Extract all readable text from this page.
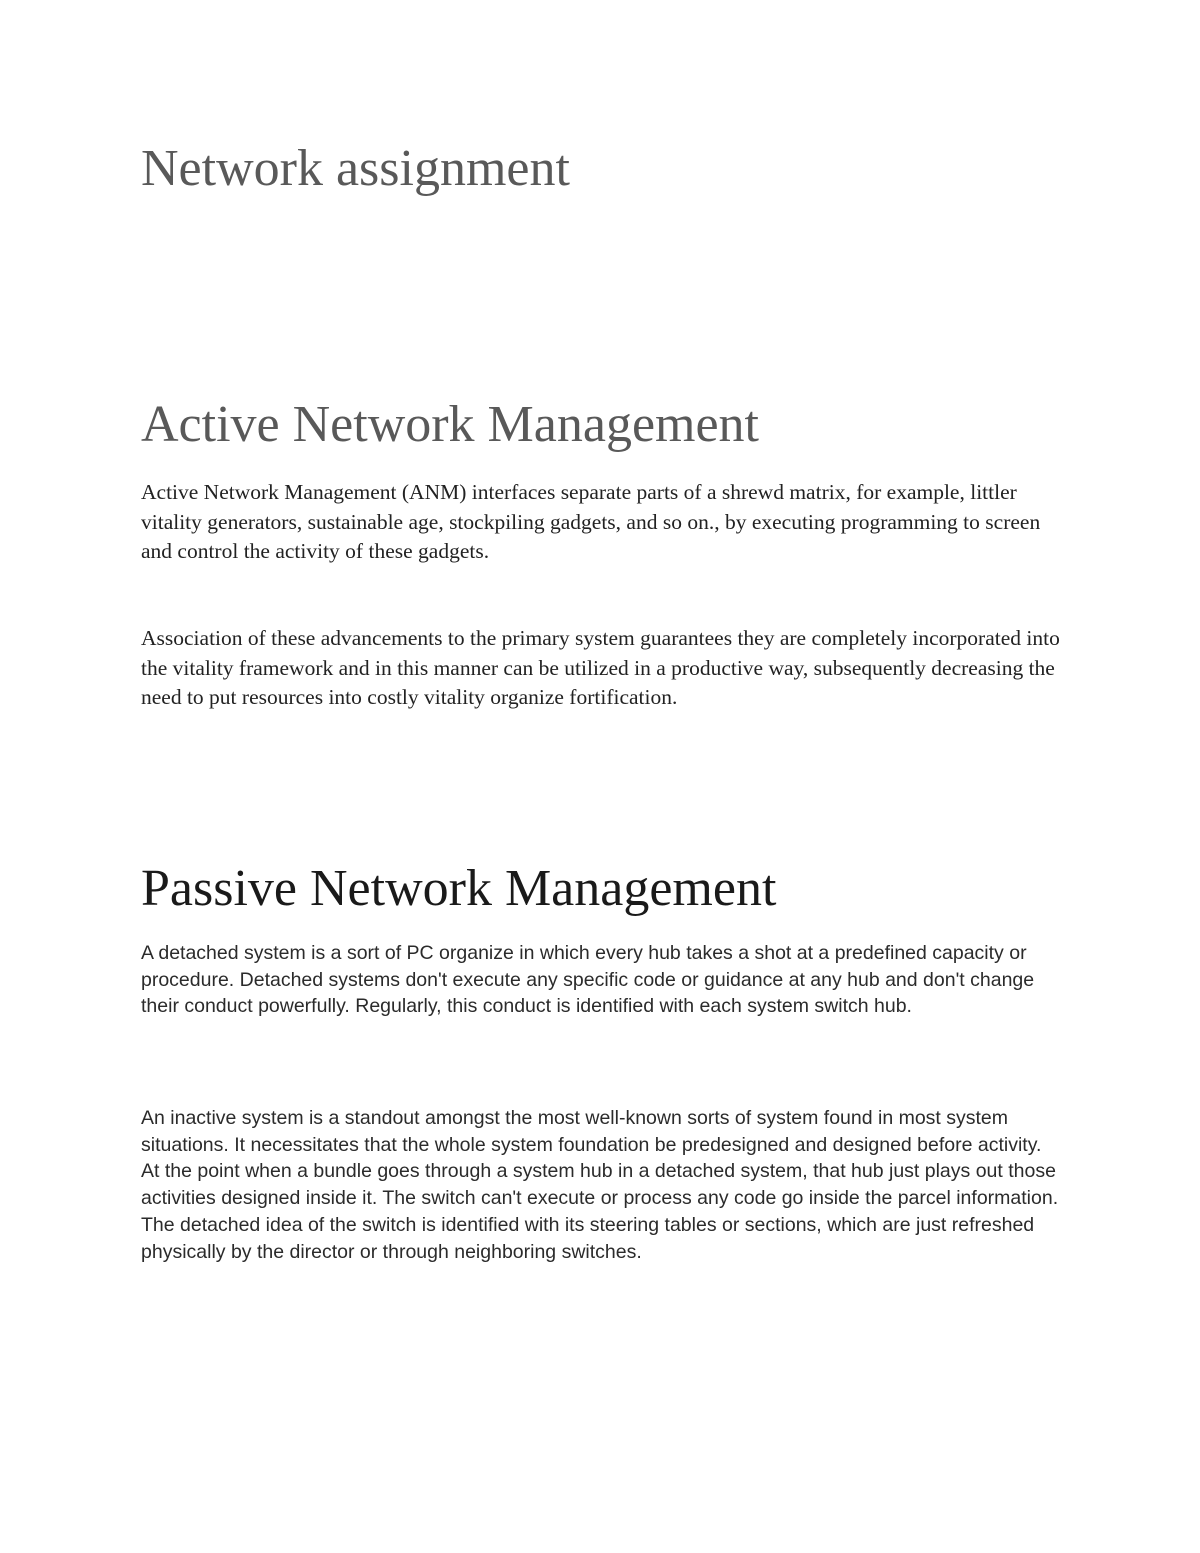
Network assignment
Active Network Management

Active Network Management (ANM) interfaces separate parts of a shrewd matrix, for example, littler vitality generators, sustainable age, stockpiling gadgets, and so on., by executing programming to screen and control the activity of these gadgets.

Association of these advancements to the primary system guarantees they are completely incorporated into the vitality framework and in this manner can be utilized in a productive way, subsequently decreasing the need to put resources into costly vitality organize fortification.

Passive Network Management

A detached system is a sort of PC organize in which every hub takes a shot at a predefined capacity or procedure. Detached systems don't execute any specific code or guidance at any hub and don't change their conduct powerfully. Regularly, this conduct is identified with each system switch hub.

An inactive system is a standout amongst the most well-known sorts of system found in most system situations. It necessitates that the whole system foundation be predesigned and designed before activity. At the point when a bundle goes through a system hub in a detached system, that hub just plays out those activities designed inside it. The switch can't execute or process any code go inside the parcel information. The detached idea of the switch is identified with its steering tables or sections, which are just refreshed physically by the director or through neighboring switches.
